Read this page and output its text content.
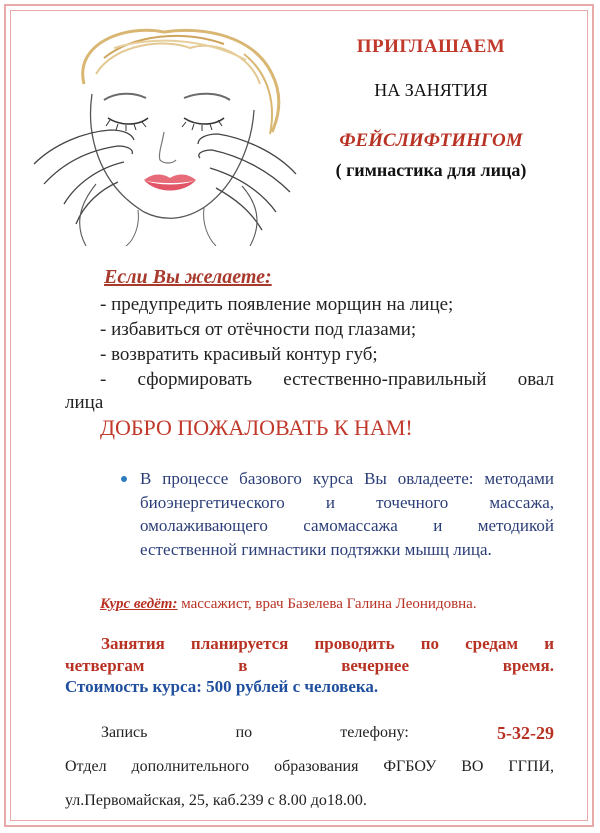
ПРИГЛАШАЕМ
НА ЗАНЯТИЯ
ФЕЙСЛИФТИНГОМ
( гимнастика для лица)
Если Вы желаете:
- предупредить появление морщин на лице;
- избавиться от отёчности под глазами;
- возвратить красивый контур губ;
- сформировать естественно-правильный овал
лица
ДОБРО ПОЖАЛОВАТЬ К НАМ!
В процессе базового курса Вы овладеете: методами биоэнергетического и точечного массажа, омолаживающего самомассажа и методикой естественной гимнастики подтяжки мышц лица.
Курс ведёт: массажист, врач Базелева Галина Леонидовна.
Занятия планируется проводить по средам и
четвергам в вечернее время.
Стоимость курса: 500 рублей с человека.
Запись	по	телефону:	5-32-29
Отдел дополнительного образования ФГБОУ ВО ГГПИ,
ул.Первомайская, 25, каб.239 с 8.00 до18.00.
